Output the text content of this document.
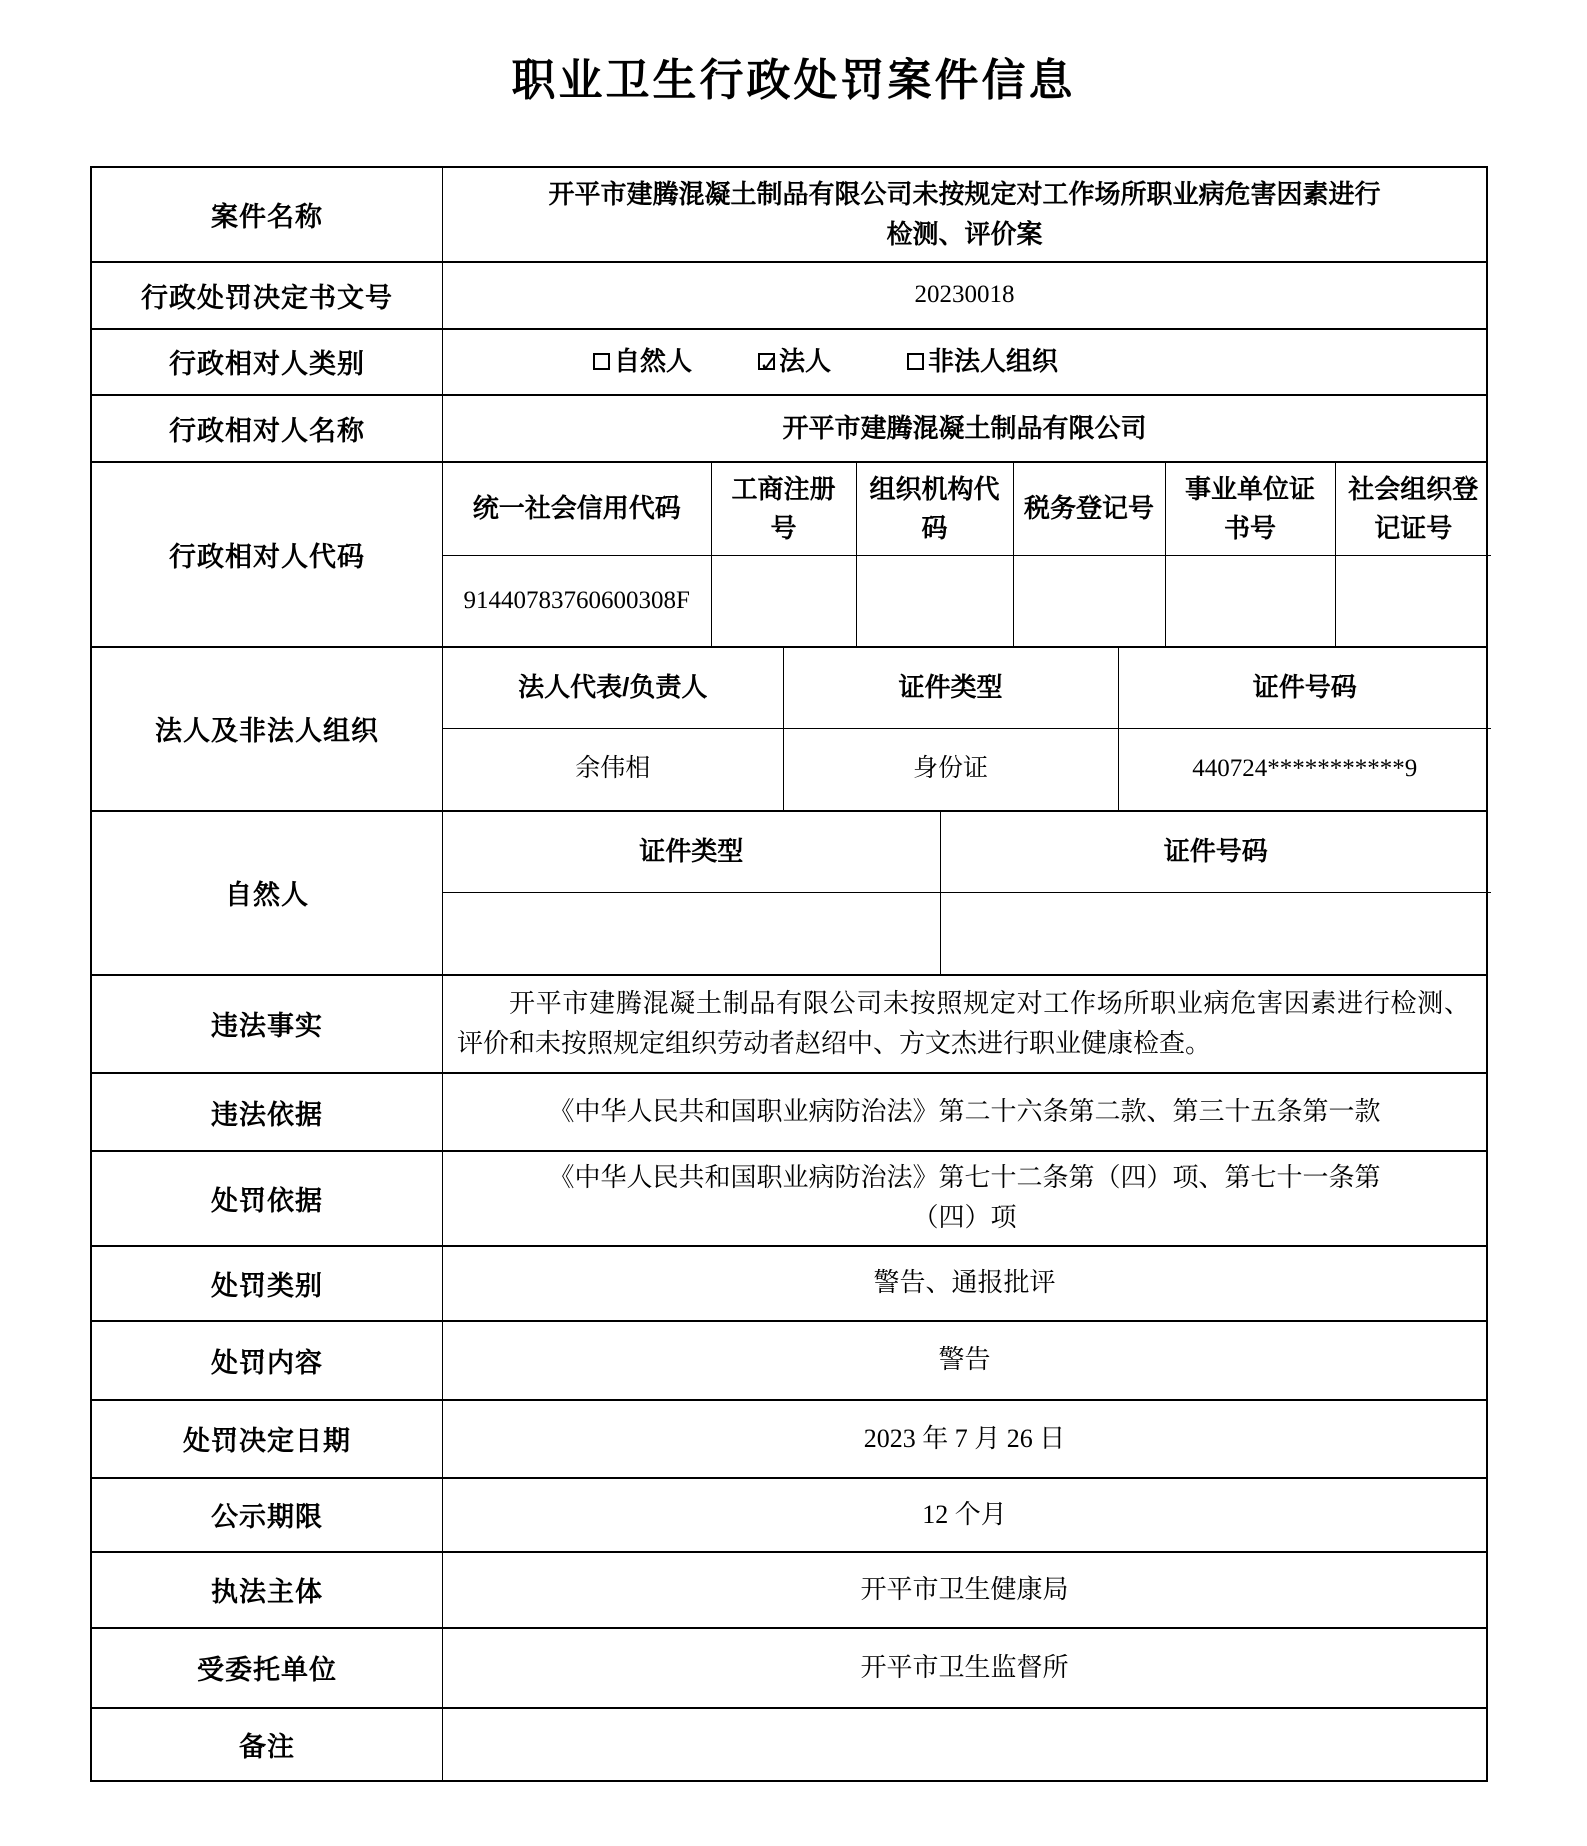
职业卫生行政处罚案件信息
案件名称	开平市建腾混凝土制品有限公司未按规定对工作场所职业病危害因素进行检测、评价案
行政处罚决定书文号	20230018
行政相对人类别	自然人 ✓	法人	非法人组织

行政相对人名称	开平市建腾混凝土制品有限公司
行政相对人代码	
统一社会信用代码	工商注册号	组织机构代码	税务登记号	事业单位证书号	社会组织登记证号
91440783760600308F					

法人及非法人组织	
法人代表/负责人	证件类型	证件号码
余伟相	身份证	440724***********9

自然人	
证件类型	证件号码

违法事实	开平市建腾混凝土制品有限公司未按照规定对工作场所职业病危害因素进行检测、评价和未按照规定组织劳动者赵绍中、方文杰进行职业健康检查。
违法依据	《中华人民共和国职业病防治法》第二十六条第二款、第三十五条第一款
处罚依据	《中华人民共和国职业病防治法》第七十二条第（四）项、第七十一条第（四）项
处罚类别	警告、通报批评
处罚内容	警告
处罚决定日期	2023 年 7 月 26 日
公示期限	12 个月
执法主体	开平市卫生健康局
受委托单位	开平市卫生监督所
备注	
